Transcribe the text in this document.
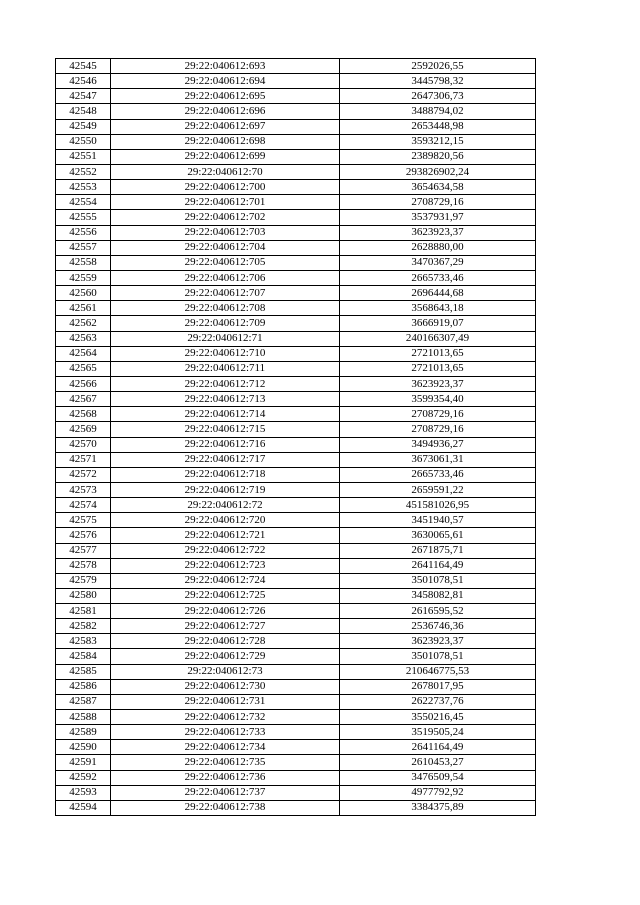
42545	29:22:040612:693	2592026,55
42546	29:22:040612:694	3445798,32
42547	29:22:040612:695	2647306,73
42548	29:22:040612:696	3488794,02
42549	29:22:040612:697	2653448,98
42550	29:22:040612:698	3593212,15
42551	29:22:040612:699	2389820,56
42552	29:22:040612:70	293826902,24
42553	29:22:040612:700	3654634,58
42554	29:22:040612:701	2708729,16
42555	29:22:040612:702	3537931,97
42556	29:22:040612:703	3623923,37
42557	29:22:040612:704	2628880,00
42558	29:22:040612:705	3470367,29
42559	29:22:040612:706	2665733,46
42560	29:22:040612:707	2696444,68
42561	29:22:040612:708	3568643,18
42562	29:22:040612:709	3666919,07
42563	29:22:040612:71	240166307,49
42564	29:22:040612:710	2721013,65
42565	29:22:040612:711	2721013,65
42566	29:22:040612:712	3623923,37
42567	29:22:040612:713	3599354,40
42568	29:22:040612:714	2708729,16
42569	29:22:040612:715	2708729,16
42570	29:22:040612:716	3494936,27
42571	29:22:040612:717	3673061,31
42572	29:22:040612:718	2665733,46
42573	29:22:040612:719	2659591,22
42574	29:22:040612:72	451581026,95
42575	29:22:040612:720	3451940,57
42576	29:22:040612:721	3630065,61
42577	29:22:040612:722	2671875,71
42578	29:22:040612:723	2641164,49
42579	29:22:040612:724	3501078,51
42580	29:22:040612:725	3458082,81
42581	29:22:040612:726	2616595,52
42582	29:22:040612:727	2536746,36
42583	29:22:040612:728	3623923,37
42584	29:22:040612:729	3501078,51
42585	29:22:040612:73	210646775,53
42586	29:22:040612:730	2678017,95
42587	29:22:040612:731	2622737,76
42588	29:22:040612:732	3550216,45
42589	29:22:040612:733	3519505,24
42590	29:22:040612:734	2641164,49
42591	29:22:040612:735	2610453,27
42592	29:22:040612:736	3476509,54
42593	29:22:040612:737	4977792,92
42594	29:22:040612:738	3384375,89
